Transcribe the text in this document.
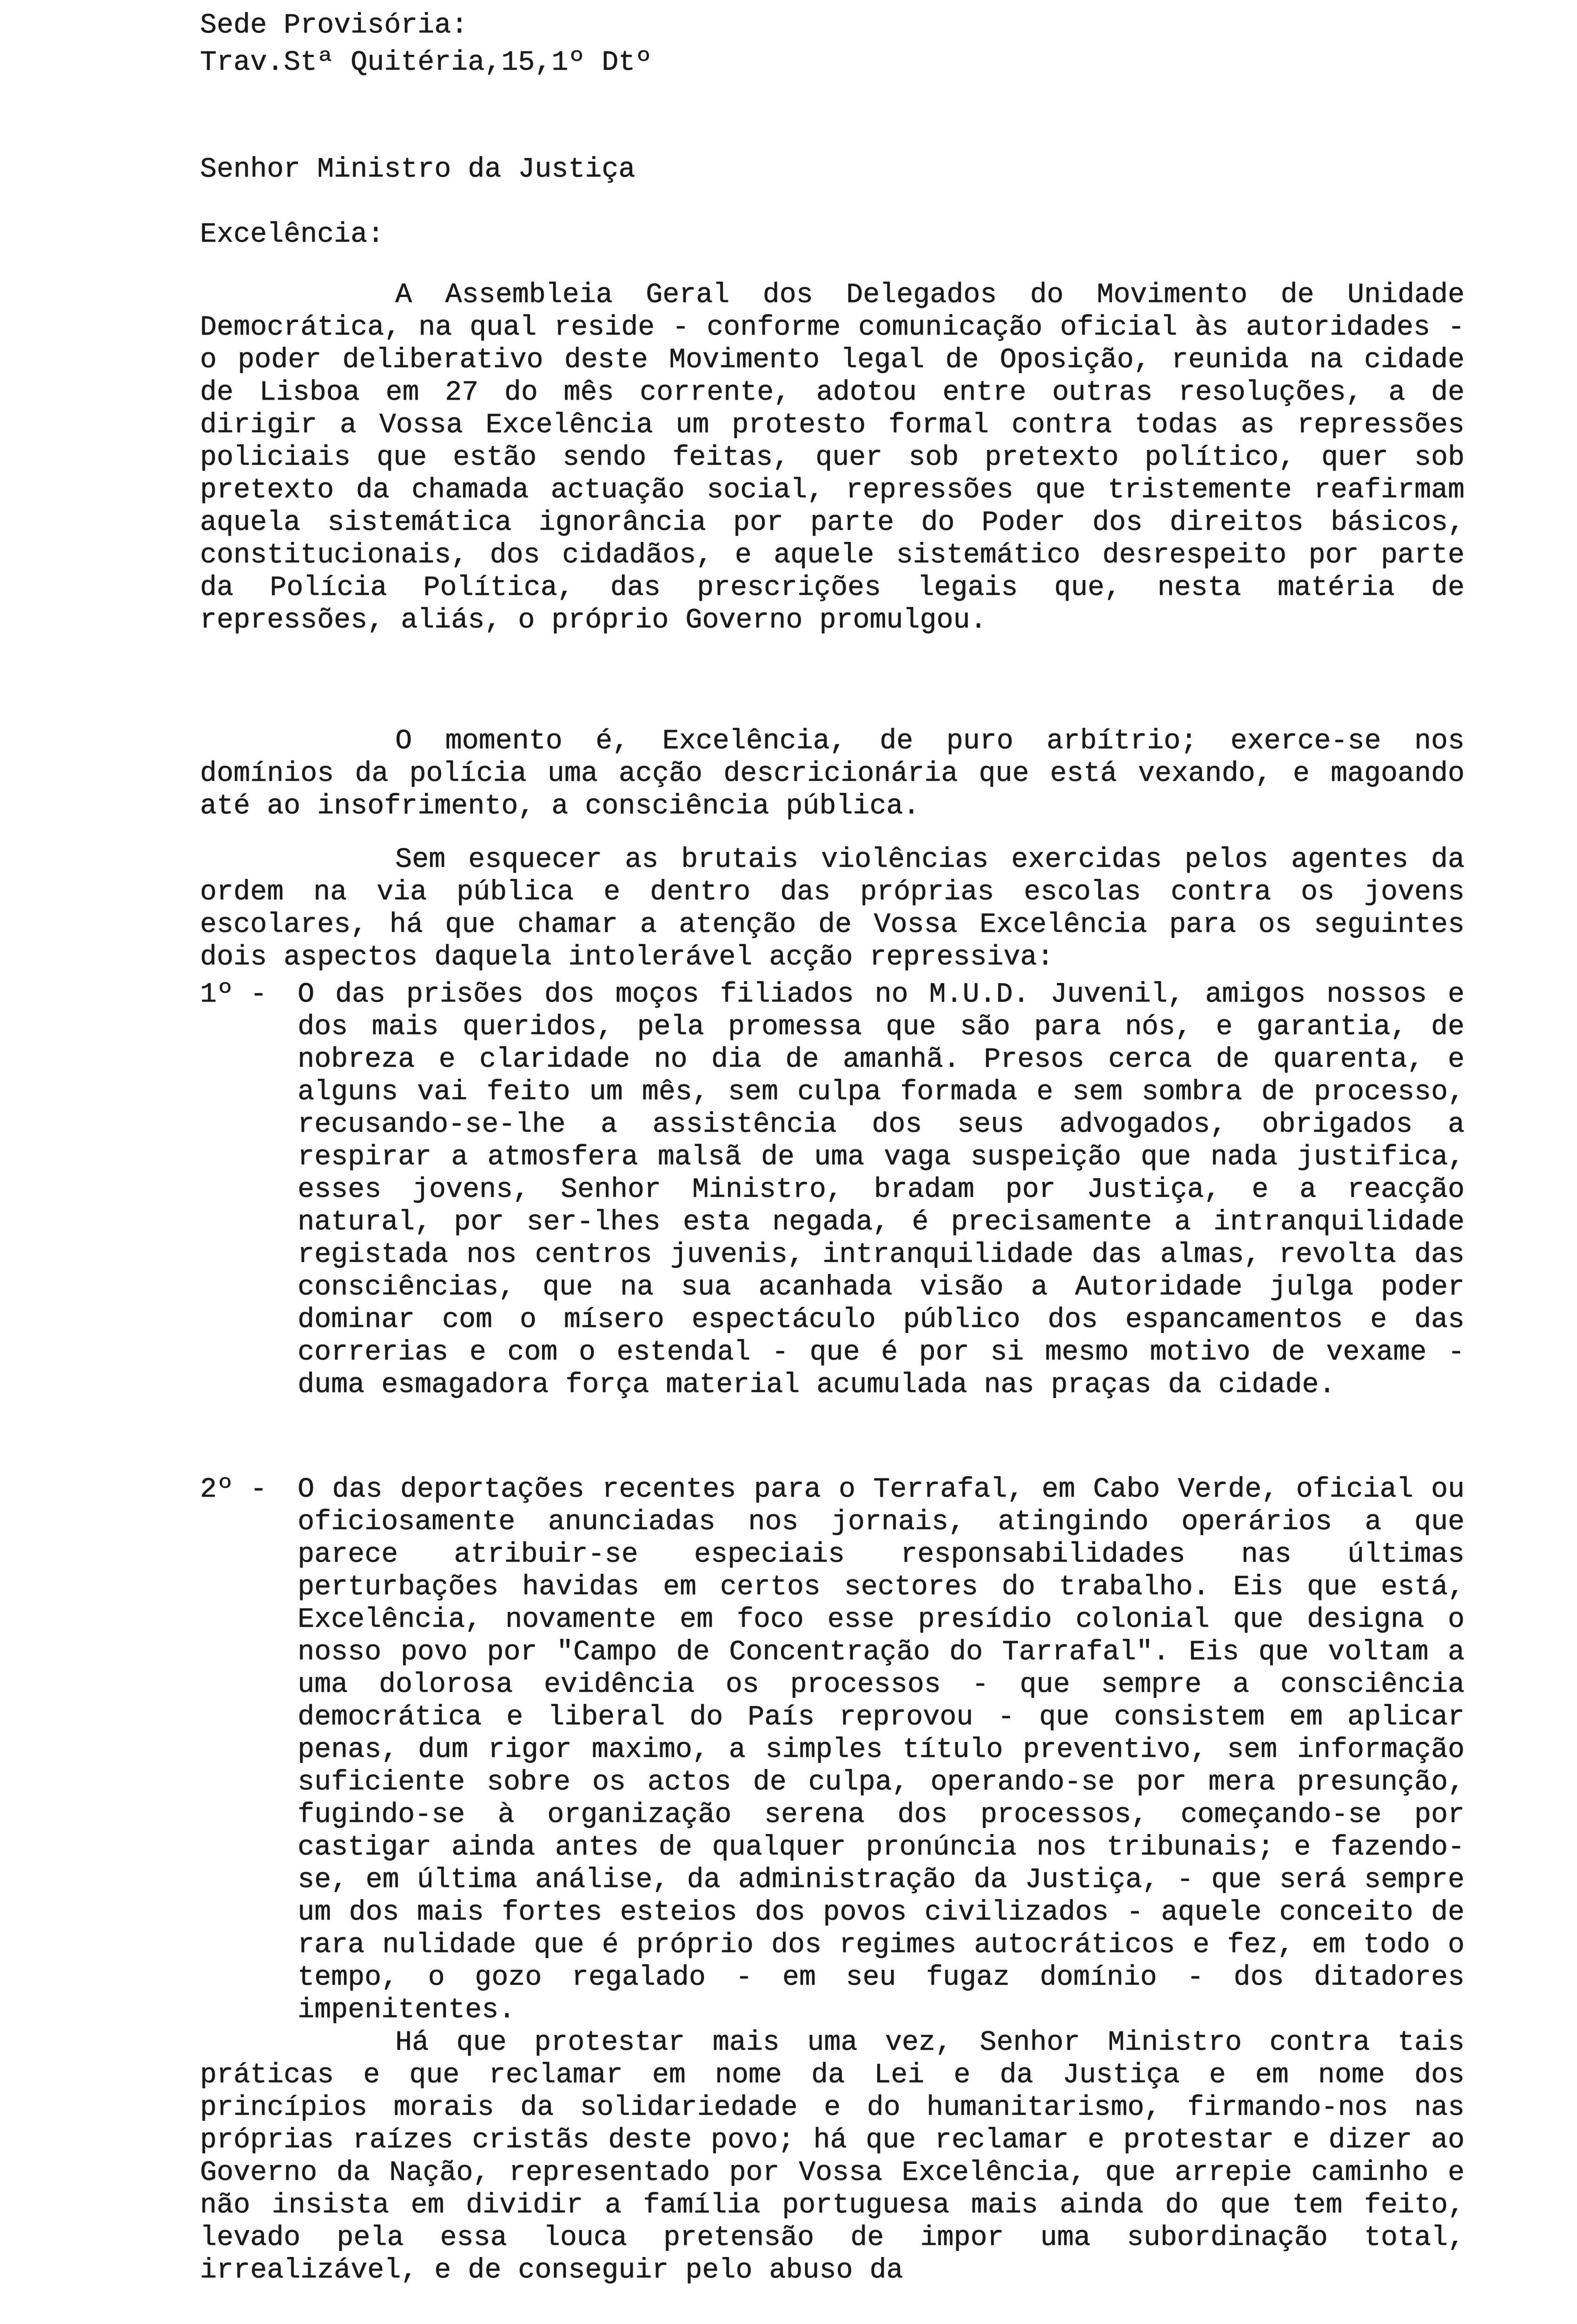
Sede Provisória:
Trav.Stª Quitéria,15,1º Dtº
Senhor Ministro da Justiça
Excelência:
A Assembleia Geral dos Delegados do Movimento de Unidade Democrática, na qual reside - conforme comunicação oficial às autoridades - o poder deliberativo deste Movimento legal de Oposição, reunida na cidade de Lisboa em 27 do mês corrente, adotou entre outras resoluções, a de dirigir a Vossa Excelência um protesto formal contra todas as repressões policiais que estão sendo feitas, quer sob pretexto político, quer sob pretexto da chamada actuação social, repressões que tristemente reafirmam aquela sistemática ignorância por parte do Poder dos direitos básicos, constitucionais, dos cidadãos, e aquele sistemático desrespeito por parte da Polícia Política, das prescrições legais que, nesta matéria de repressões, aliás, o próprio Governo promulgou.
O momento é, Excelência, de puro arbítrio; exerce-se nos domínios da polícia uma acção descricionária que está vexando, e magoando até ao insofrimento, a consciência pública.
Sem esquecer as brutais violências exercidas pelos agentes da ordem na via pública e dentro das próprias escolas contra os jovens escolares, há que chamar a atenção de Vossa Excelência para os seguintes dois aspectos daquela intolerável acção repressiva:
1º -	O das prisões dos moços filiados no M.U.D. Juvenil, amigos nossos e dos mais queridos, pela promessa que são para nós, e garantia, de nobreza e claridade no dia de amanhã. Presos cerca de quarenta, e alguns vai feito um mês, sem culpa formada e sem sombra de processo, recusando-se-lhe a assistência dos seus advogados, obrigados a respirar a atmosfera malsã de uma vaga suspeição que nada justifica, esses jovens, Senhor Ministro, bradam por Justiça, e a reacção natural, por ser-lhes esta negada, é precisamente a intranquilidade registada nos centros juvenis, intranquilidade das almas, revolta das consciências, que na sua acanhada visão a Autoridade julga poder dominar com o mísero espectáculo público dos espancamentos e das correrias e com o estendal - que é por si mesmo motivo de vexame - duma esmagadora força material acumulada nas praças da cidade.
2º -	O das deportações recentes para o Terrafal, em Cabo Verde, oficial ou oficiosamente anunciadas nos jornais, atingindo operários a que parece atribuir-se especiais responsabilidades nas últimas perturbações havidas em certos sectores do trabalho. Eis que está, Excelência, novamente em foco esse presídio colonial que designa o nosso povo por "Campo de Concentração do Tarrafal". Eis que voltam a uma dolorosa evidência os processos - que sempre a consciência democrática e liberal do País reprovou - que consistem em aplicar penas, dum rigor maximo, a simples título preventivo, sem informação suficiente sobre os actos de culpa, operando-se por mera presunção, fugindo-se à organização serena dos processos, começando-se por castigar ainda antes de qualquer pronúncia nos tribunais; e fazendo-se, em última análise, da administração da Justiça, - que será sempre um dos mais fortes esteios dos povos civilizados - aquele conceito de rara nulidade que é próprio dos regimes autocráticos e fez, em todo o tempo, o gozo regalado - em seu fugaz domínio - dos ditadores impenitentes.
Há que protestar mais uma vez, Senhor Ministro contra tais práticas e que reclamar em nome da Lei e da Justiça e em nome dos princípios morais da solidariedade e do humanitarismo, firmando-nos nas próprias raízes cristãs deste povo; há que reclamar e protestar e dizer ao Governo da Nação, representado por Vossa Excelência, que arrepie caminho e não insista em dividir a família portuguesa mais ainda do que tem feito, levado pela essa louca pretensão de impor uma subordinação total, irrealizável, e de conseguir pelo abuso da
